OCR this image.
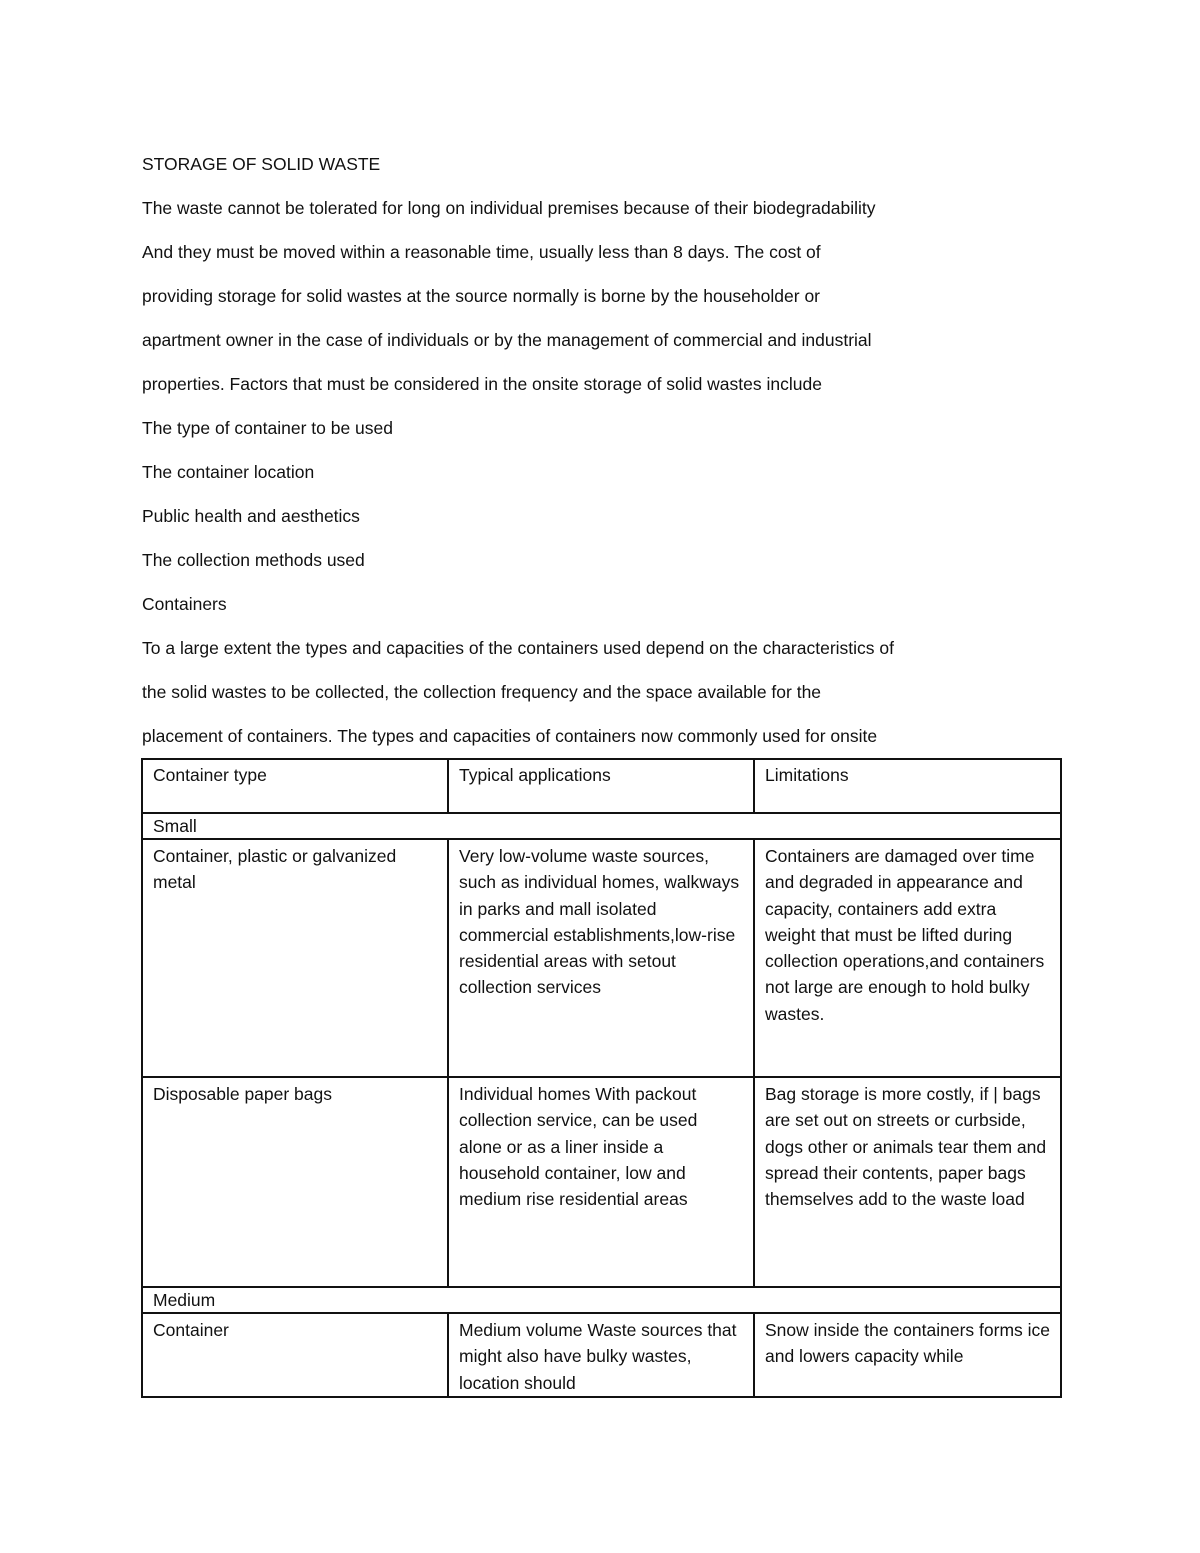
STORAGE OF SOLID WASTE

The waste cannot be tolerated for long on individual premises because of their biodegradability

And they must be moved within a reasonable time, usually less than 8 days. The cost of

providing storage for solid wastes at the source normally is borne by the householder or

apartment owner in the case of individuals or by the management of commercial and industrial

properties. Factors that must be considered in the onsite storage of solid wastes include

The type of container to be used

The container location

Public health and aesthetics

The collection methods used

Containers

To a large extent the types and capacities of the containers used depend on the characteristics of

the solid wastes to be collected, the collection frequency and the space available for the

placement of containers. The types and capacities of containers now commonly used for onsite

Container type	Typical applications	Limitations
Small		
Container, plastic or galvanized metal	Very low-volume waste sources, such as individual homes, walkways in parks and mall isolated commercial establishments,low-rise residential areas with setout collection services	Containers are damaged over time and degraded in appearance and capacity, containers add extra weight that must be lifted during collection operations,and containers not large are enough to hold bulky wastes.
Disposable paper bags	Individual homes With packout collection service, can be used alone or as a liner inside a household container, low and medium rise residential areas	Bag storage is more costly, if | bags are set out on streets or curbside, dogs other or animals tear them and spread their contents, paper bags themselves add to the waste load
Medium		
Container	Medium volume Waste sources that might also have bulky wastes, location should	Snow inside the containers forms ice and lowers capacity while
